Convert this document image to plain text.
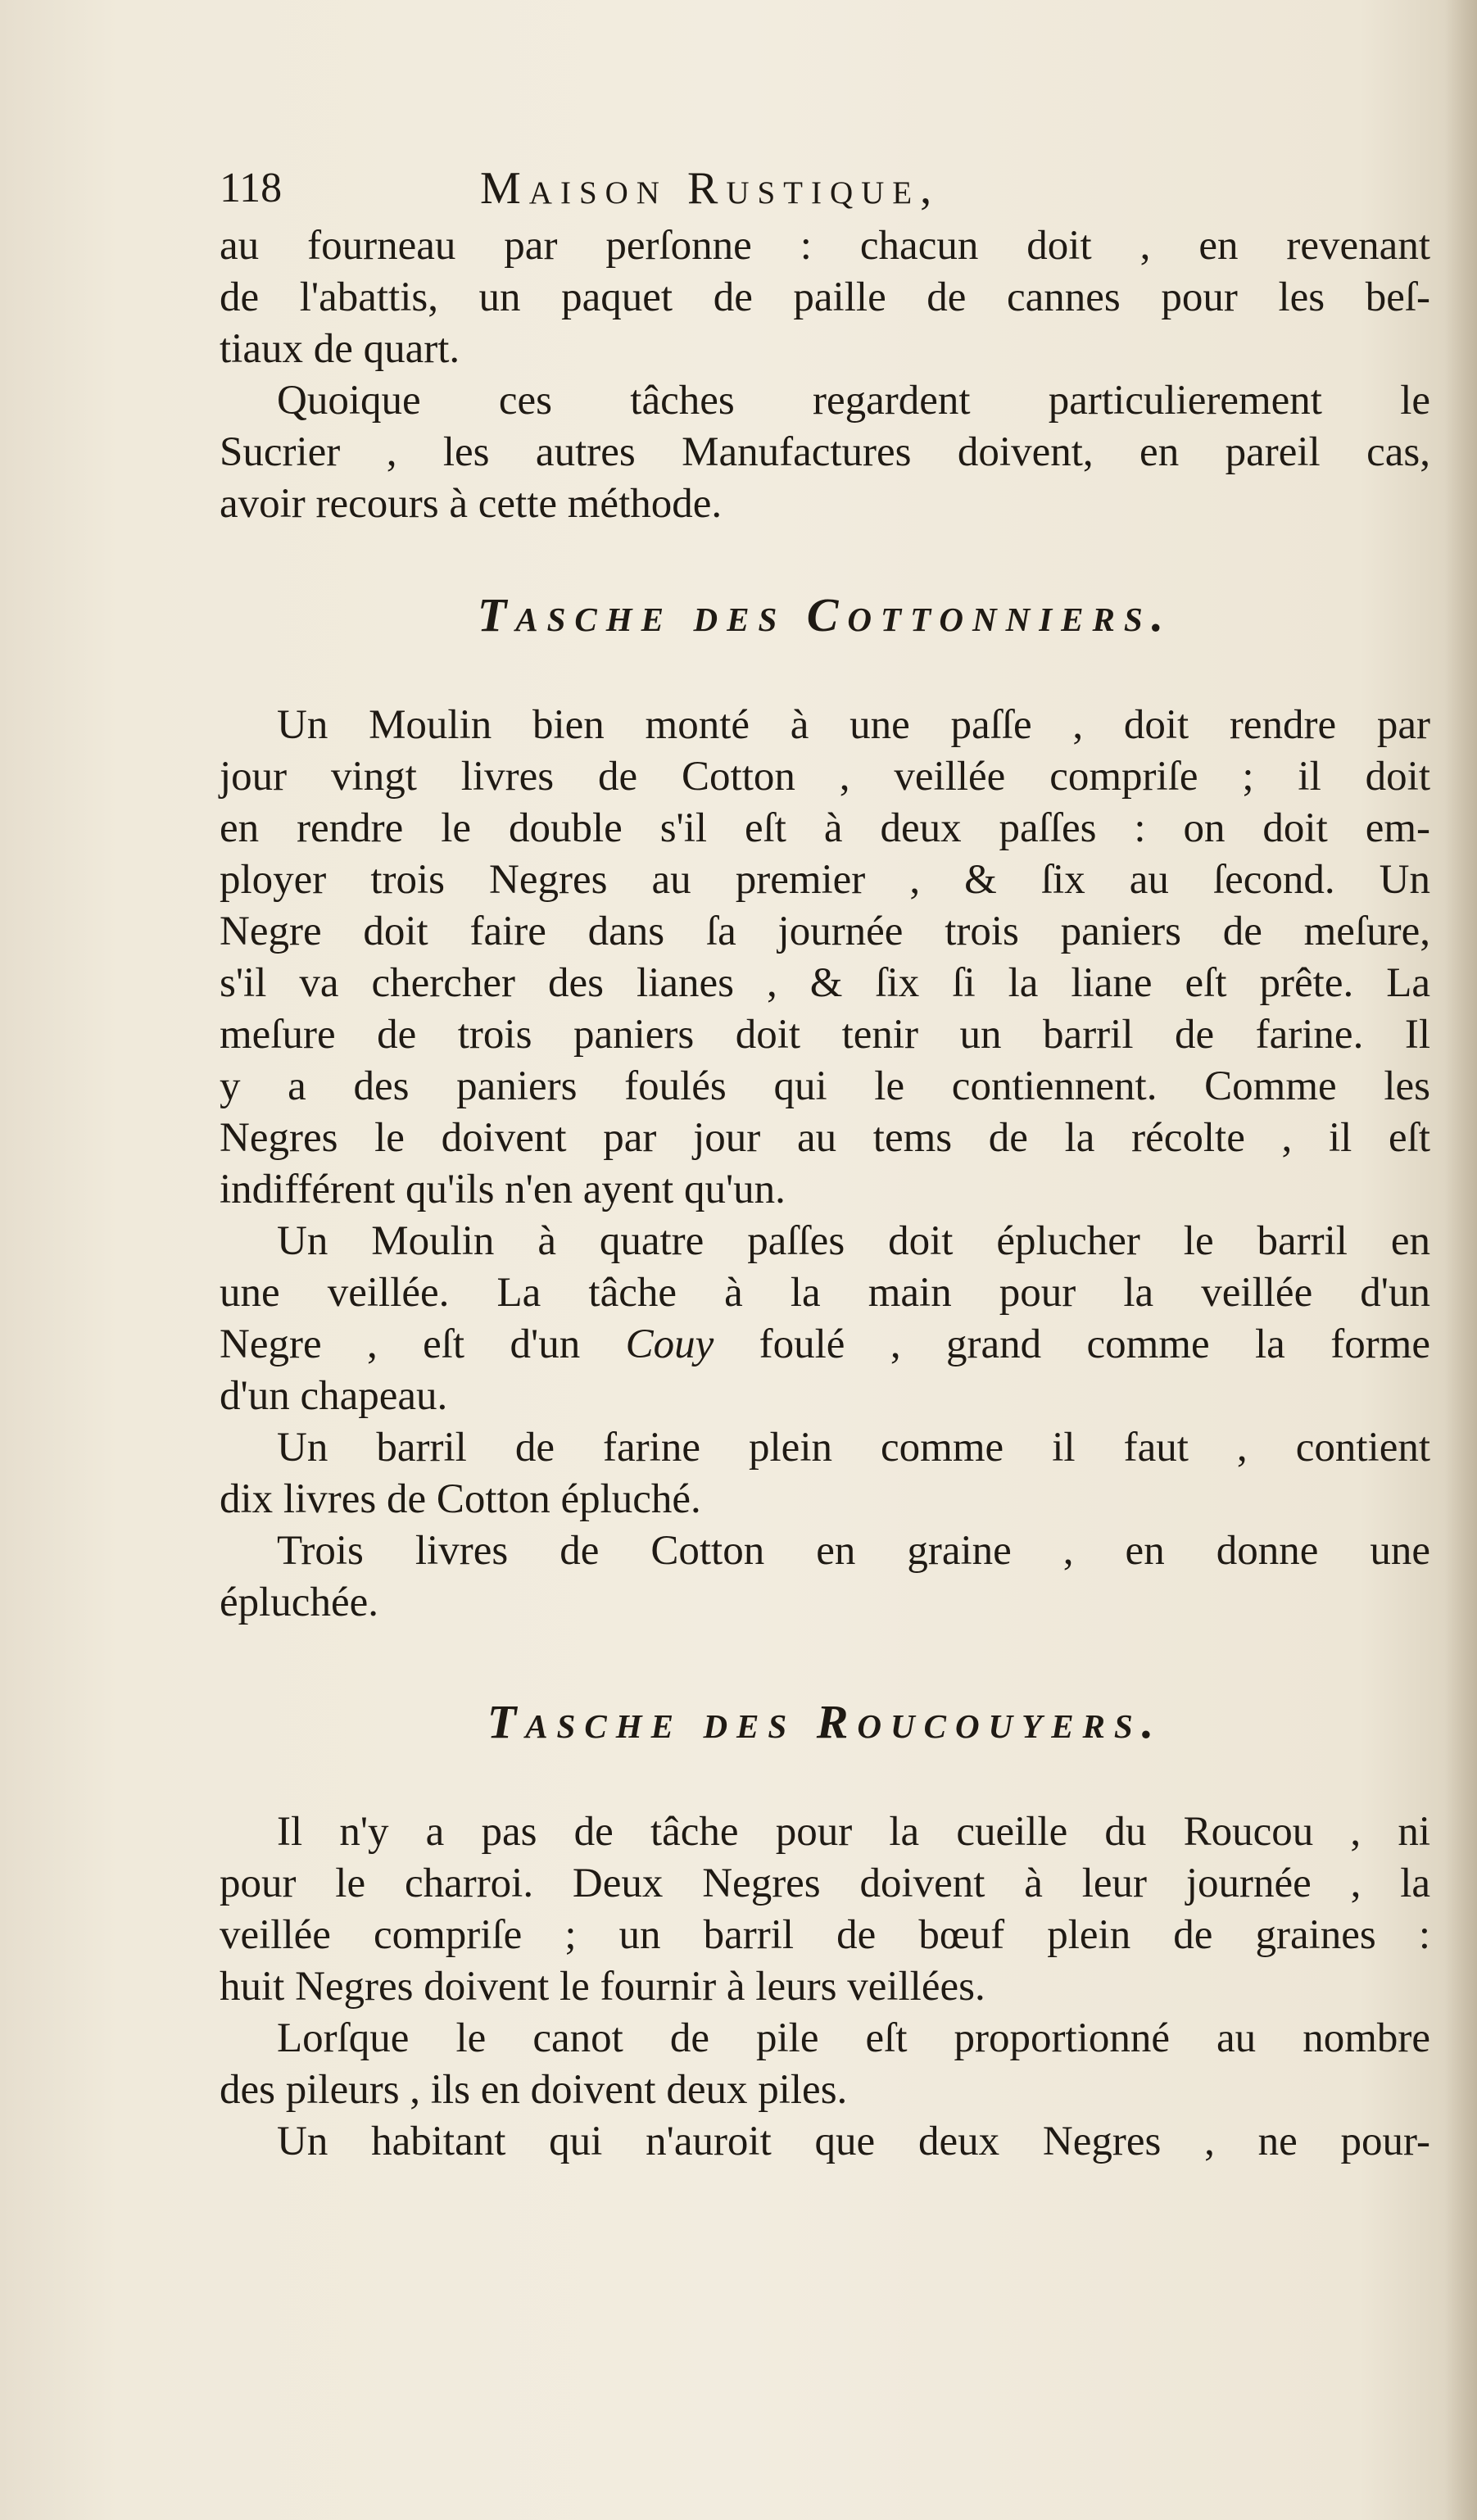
118	Maison Rustique,

au fourneau par perſonne : chacun doit , en revenant
de l'abattis, un paquet de paille de cannes pour les beſ-
tiaux de quart.

Quoique ces tâches regardent particulierement le
Sucrier , les autres Manufactures doivent, en pareil cas,
avoir recours à cette méthode.

Tasche des Cottonniers.

Un Moulin bien monté à une paſſe , doit rendre par
jour vingt livres de Cotton , veillée compriſe ; il doit
en rendre le double s'il eſt à deux paſſes : on doit em-
ployer trois Negres au premier , & ſix au ſecond. Un
Negre doit faire dans ſa journée trois paniers de meſure,
s'il va chercher des lianes , & ſix ſi la liane eſt prête. La
meſure de trois paniers doit tenir un barril de farine. Il
y a des paniers foulés qui le contiennent. Comme les
Negres le doivent par jour au tems de la récolte , il eſt
indifférent qu'ils n'en ayent qu'un.

Un Moulin à quatre paſſes doit éplucher le barril en
une veillée. La tâche à la main pour la veillée d'un
Negre , eſt d'un Couy foulé , grand comme la forme
d'un chapeau.

Un barril de farine plein comme il faut , contient
dix livres de Cotton épluché.

Trois livres de Cotton en graine , en donne une
épluchée.

Tasche des Roucouyers.

Il n'y a pas de tâche pour la cueille du Roucou , ni
pour le charroi. Deux Negres doivent à leur journée , la
veillée compriſe ; un barril de bœuf plein de graines :
huit Negres doivent le fournir à leurs veillées.

Lorſque le canot de pile eſt proportionné au nombre
des pileurs , ils en doivent deux piles.

Un habitant qui n'auroit que deux Negres , ne pour-
